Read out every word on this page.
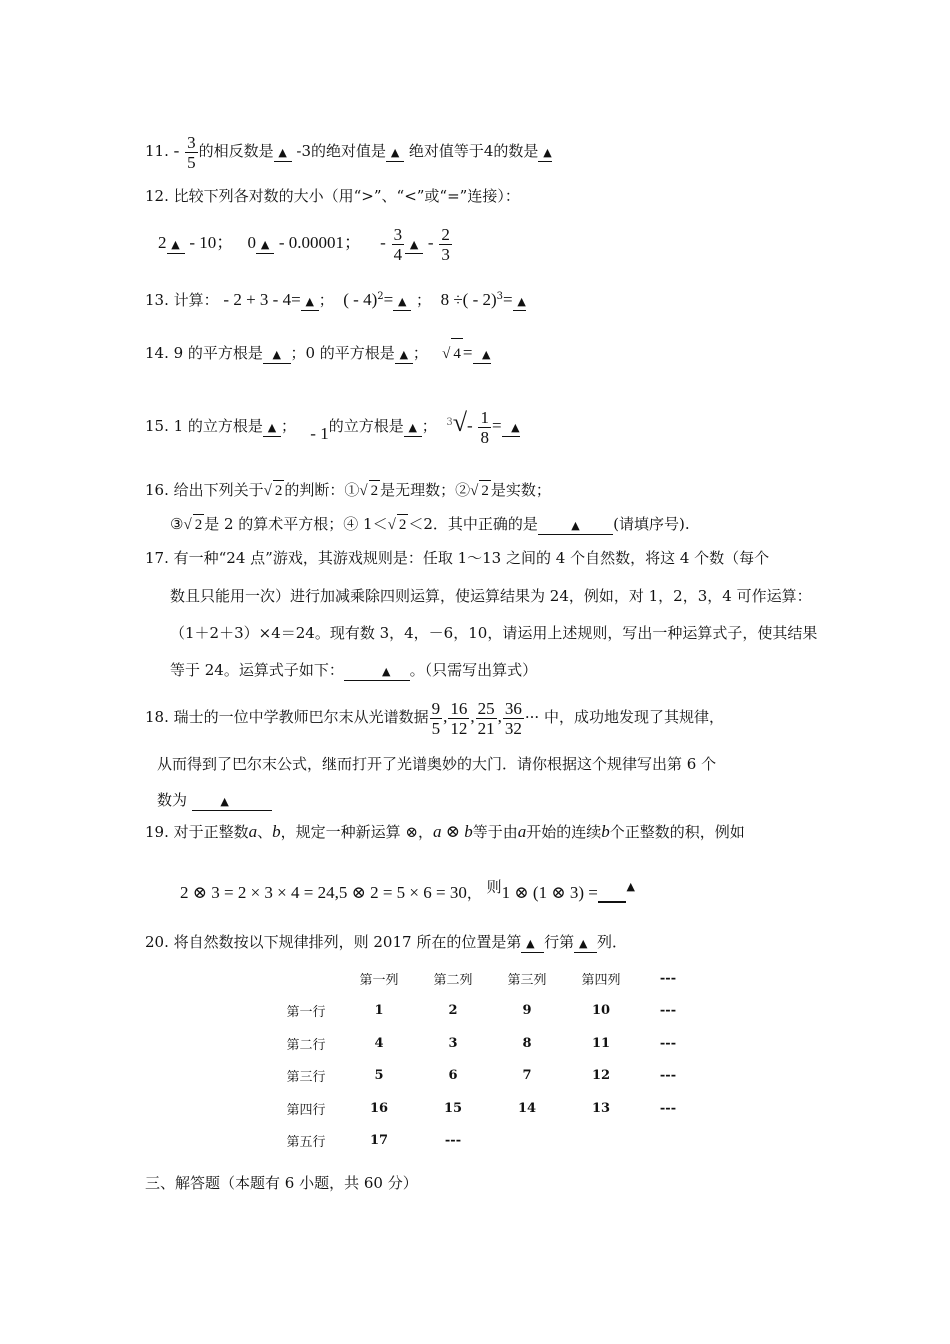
11. - $\frac{3}{5}$ 的相反数是 ▲ -3的绝对值是 ▲ 绝对值等于4的数是 ▲
12. 比较下列各对数的大小（用“>”、“<”或“=”连接）：
2 ▲ - 10； 0 ▲ - 0.00001； - $\frac{3}{4}$ ▲ - $\frac{2}{3}$
13. 计算： - 2 + 3 - 4= ▲ ； ( - 4)$^2$= ▲ ； 8 ÷( - 2)$^3$= ▲
14. 9 的平方根是 ▲ ；0 的平方根是 ▲ ； √ 4 = ▲
15. 1 的立方根是 ▲ ； - 1的立方根是 ▲ ； $^3√- \frac{1}{8}$ = ▲
16. 给出下列关于√ 2 的判断：①√ 2 是无理数；②√ 2 是实数；
③√ 2 是 2 的算术平方根；④ 1＜√ 2 ＜2．其中正确的是	▲ (请填序号).
17. 有一种“24 点”游戏，其游戏规则是：任取 1～13 之间的 4 个自然数，将这 4 个数（每个
数且只能用一次）进行加减乘除四则运算，使运算结果为 24，例如，对 1，2，3，4 可作运算：
（1＋2＋3）×4＝24。现有数 3，4，－6，10，请运用上述规则，写出一种运算式子，使其结果
等于 24。运算式子如下：	▲ 。（只需写出算式）
18. 瑞士的一位中学教师巴尔末从光谱数据 $\frac{9}{5}$ , $\frac{16}{12}$ , $\frac{25}{21}$ , $\frac{36}{32}$ ··· 中，成功地发现了其规律，
从而得到了巴尔末公式，继而打开了光谱奥妙的大门．请你根据这个规律写出第 6 个
数为	▲
19. 对于正整数a、b，规定一种新运算 ⊗，a ⊗ b等于由a开始的连续b个正整数的积，例如
2 ⊗ 3 = 2 × 3 × 4 = 24,5 ⊗ 2 = 5 × 6 = 30， 则1 ⊗ (1 ⊗ 3) =	▲
20. 将自然数按以下规律排列，则 2017 所在的位置是第 ▲ 行第 ▲ 列．
	第一列	第二列	第三列	第四列	---
第一行	1	2	9	10	---
第二行	4	3	8	11	---
第三行	5	6	7	12	---
第四行	16	15	14	13	---
第五行	17	---			
三、解答题（本题有 6 小题，共 60 分）
